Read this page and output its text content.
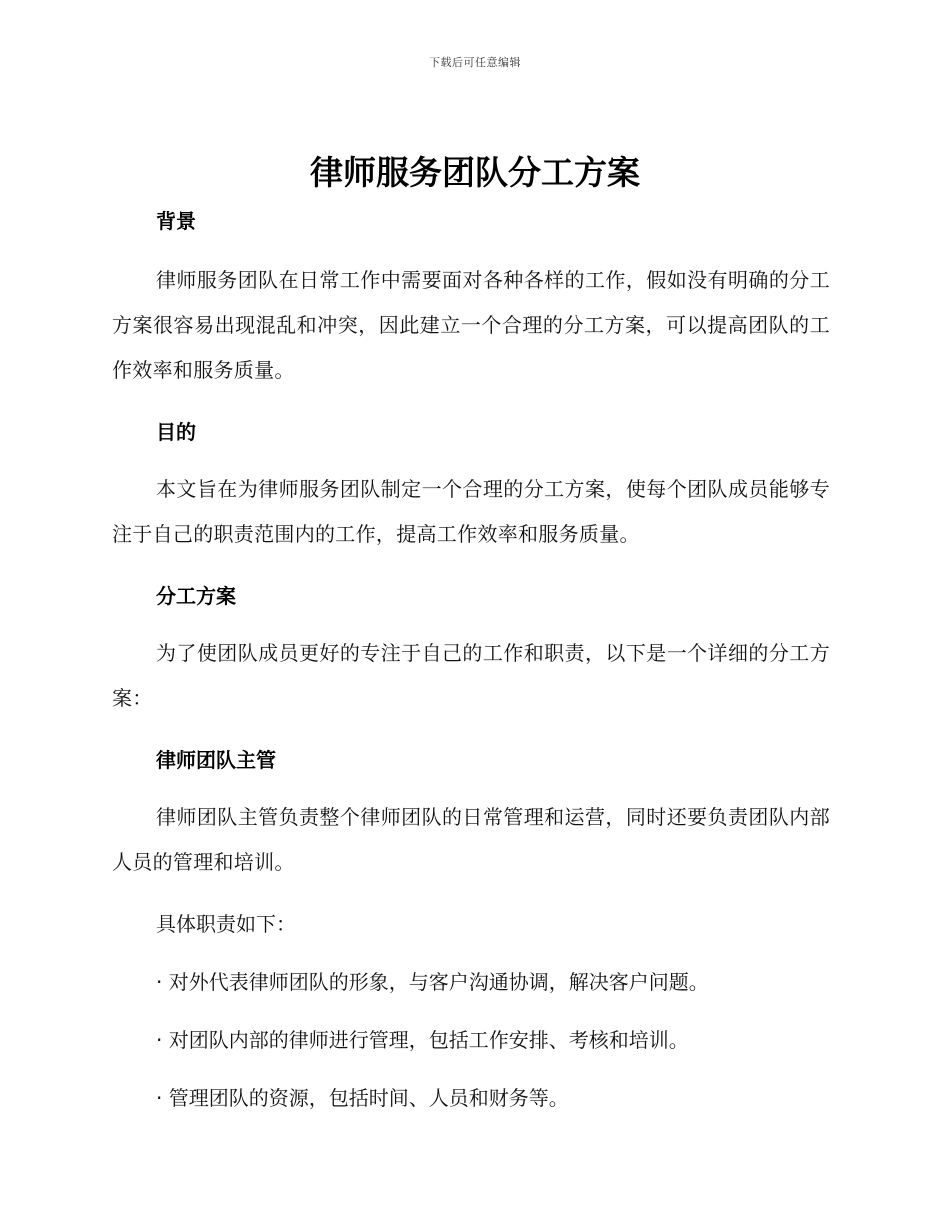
下载后可任意编辑
律师服务团队分工方案
背景

律师服务团队在日常工作中需要面对各种各样的工作，假如没有明确的分工方案很容易出现混乱和冲突，因此建立一个合理的分工方案，可以提高团队的工作效率和服务质量。

目的

本文旨在为律师服务团队制定一个合理的分工方案，使每个团队成员能够专注于自己的职责范围内的工作，提高工作效率和服务质量。

分工方案

为了使团队成员更好的专注于自己的工作和职责，以下是一个详细的分工方案：

律师团队主管

律师团队主管负责整个律师团队的日常管理和运营，同时还要负责团队内部人员的管理和培训。

具体职责如下：

· 对外代表律师团队的形象，与客户沟通协调，解决客户问题。

· 对团队内部的律师进行管理，包括工作安排、考核和培训。

· 管理团队的资源，包括时间、人员和财务等。
